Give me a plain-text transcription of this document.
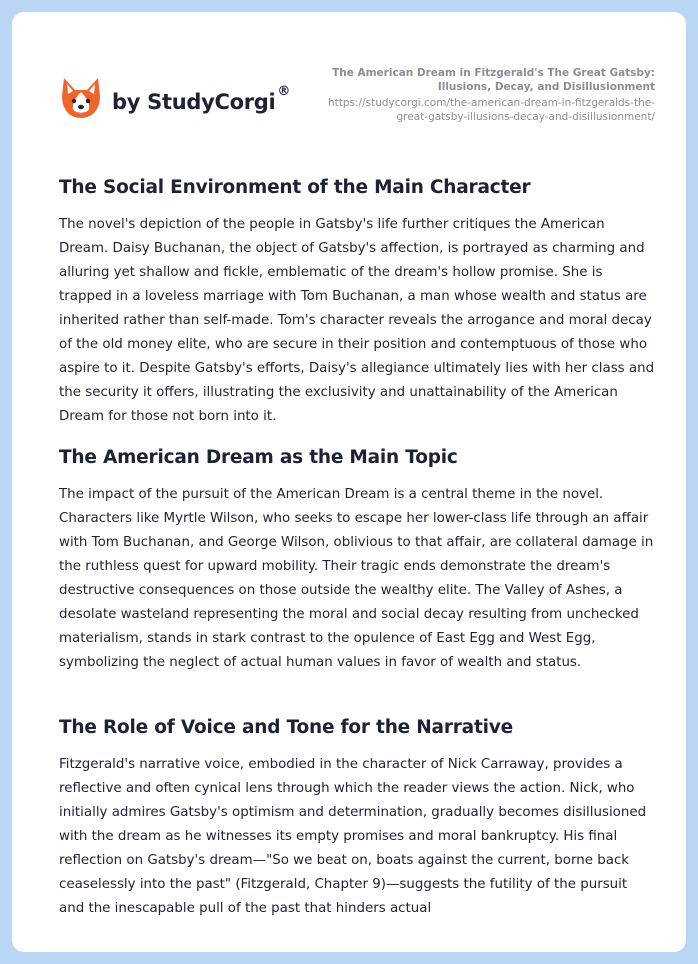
by StudyCorgi ®
The American Dream in Fitzgerald's The Great Gatsby: Illusions, Decay, and Disillusionment
https://studycorgi.com/the-american-dream-in-fitzgeralds-the-great-gatsby-illusions-decay-and-disillusionment/
The Social Environment of the Main Character

The novel's depiction of the people in Gatsby's life further critiques the American Dream. Daisy Buchanan, the object of Gatsby's affection, is portrayed as charming and alluring yet shallow and fickle, emblematic of the dream's hollow promise. She is trapped in a loveless marriage with Tom Buchanan, a man whose wealth and status are inherited rather than self-made. Tom's character reveals the arrogance and moral decay of the old money elite, who are secure in their position and contemptuous of those who aspire to it. Despite Gatsby's efforts, Daisy's allegiance ultimately lies with her class and the security it offers, illustrating the exclusivity and unattainability of the American Dream for those not born into it.

The American Dream as the Main Topic

The impact of the pursuit of the American Dream is a central theme in the novel. Characters like Myrtle Wilson, who seeks to escape her lower-class life through an affair with Tom Buchanan, and George Wilson, oblivious to that affair, are collateral damage in the ruthless quest for upward mobility. Their tragic ends demonstrate the dream's destructive consequences on those outside the wealthy elite. The Valley of Ashes, a desolate wasteland representing the moral and social decay resulting from unchecked materialism, stands in stark contrast to the opulence of East Egg and West Egg, symbolizing the neglect of actual human values in favor of wealth and status.

The Role of Voice and Tone for the Narrative

Fitzgerald's narrative voice, embodied in the character of Nick Carraway, provides a reflective and often cynical lens through which the reader views the action. Nick, who initially admires Gatsby's optimism and determination, gradually becomes disillusioned with the dream as he witnesses its empty promises and moral bankruptcy. His final reflection on Gatsby's dream—"So we beat on, boats against the current, borne back ceaselessly into the past" (Fitzgerald, Chapter 9)—suggests the futility of the pursuit and the inescapable pull of the past that hinders actual
